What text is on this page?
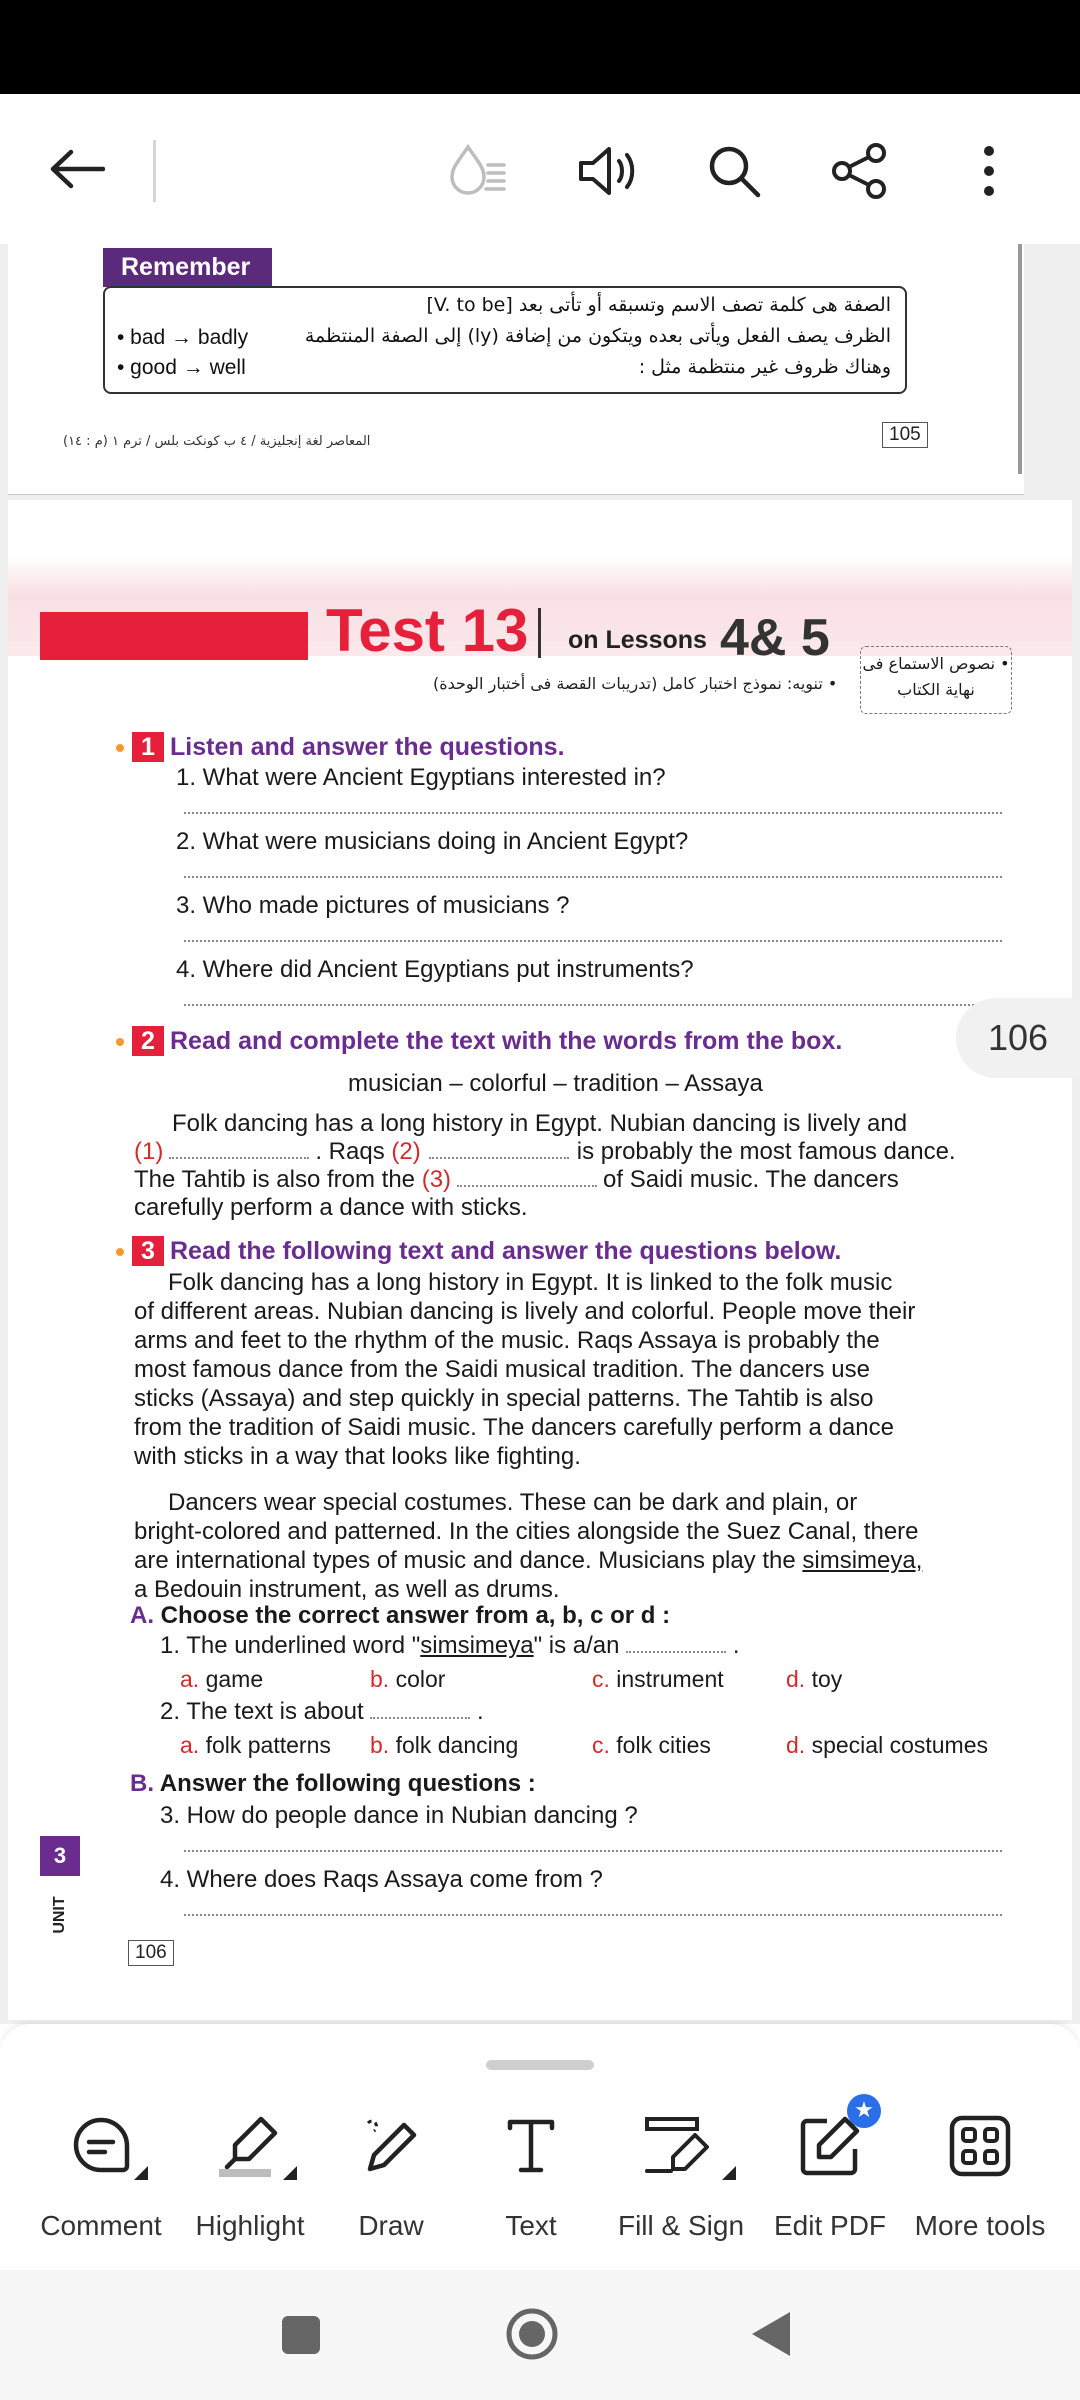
Remember
• bad → badly
• good → well
الصفة هى كلمة تصف الاسم وتسبقه أو تأتى بعد [V. to be]
الظرف يصف الفعل ويأتى بعده ويتكون من إضافة (ly) إلى الصفة المنتظمة
وهناك ظروف غير منتظمة مثل :
المعاصر لغة إنجليزية / ٤ ب كونكت بلس / ترم ١ (م : ١٤)	105
Test 13 on Lessons 4& 5 • نصوص الاستماع فى نهاية الكتاب
• تنويه: نموذج اختبار كامل (تدريبات القصة فى أختبار الوحدة)
1 Listen and answer the questions.
1. What were Ancient Egyptians interested in?
2. What were musicians doing in Ancient Egypt?
3. Who made pictures of musicians ?
4. Where did Ancient Egyptians put instruments?
2 Read and complete the text with the words from the box.
musician – colorful – tradition – Assaya
Folk dancing has a long history in Egypt. Nubian dancing is lively and
(1)	. Raqs (2)	is probably the most famous dance.
The Tahtib is also from the (3)	of Saidi music. The dancers
carefully perform a dance with sticks.
3 Read the following text and answer the questions below.
Folk dancing has a long history in Egypt. It is linked to the folk music
of different areas. Nubian dancing is lively and colorful. People move their
arms and feet to the rhythm of the music. Raqs Assaya is probably the
most famous dance from the Saidi musical tradition. The dancers use
sticks (Assaya) and step quickly in special patterns. The Tahtib is also
from the tradition of Saidi music. The dancers carefully perform a dance
with sticks in a way that looks like fighting.
Dancers wear special costumes. These can be dark and plain, or
bright-colored and patterned. In the cities alongside the Suez Canal, there
are international types of music and dance. Musicians play the simsimeya,
a Bedouin instrument, as well as drums.
A. Choose the correct answer from a, b, c or d :
1. The underlined word "simsimeya" is a/an	.
a. game	b. color	c. instrument	d. toy
2. The text is about	.
a. folk patterns b. folk dancing	c. folk cities	d. special costumes
B. Answer the following questions :
3. How do people dance in Nubian dancing ?
4. Where does Raqs Assaya come from ?
3
UNIT
106
106
Comment	Highlight	Draw	Text	Fill & Sign
★
Edit PDF	More tools
